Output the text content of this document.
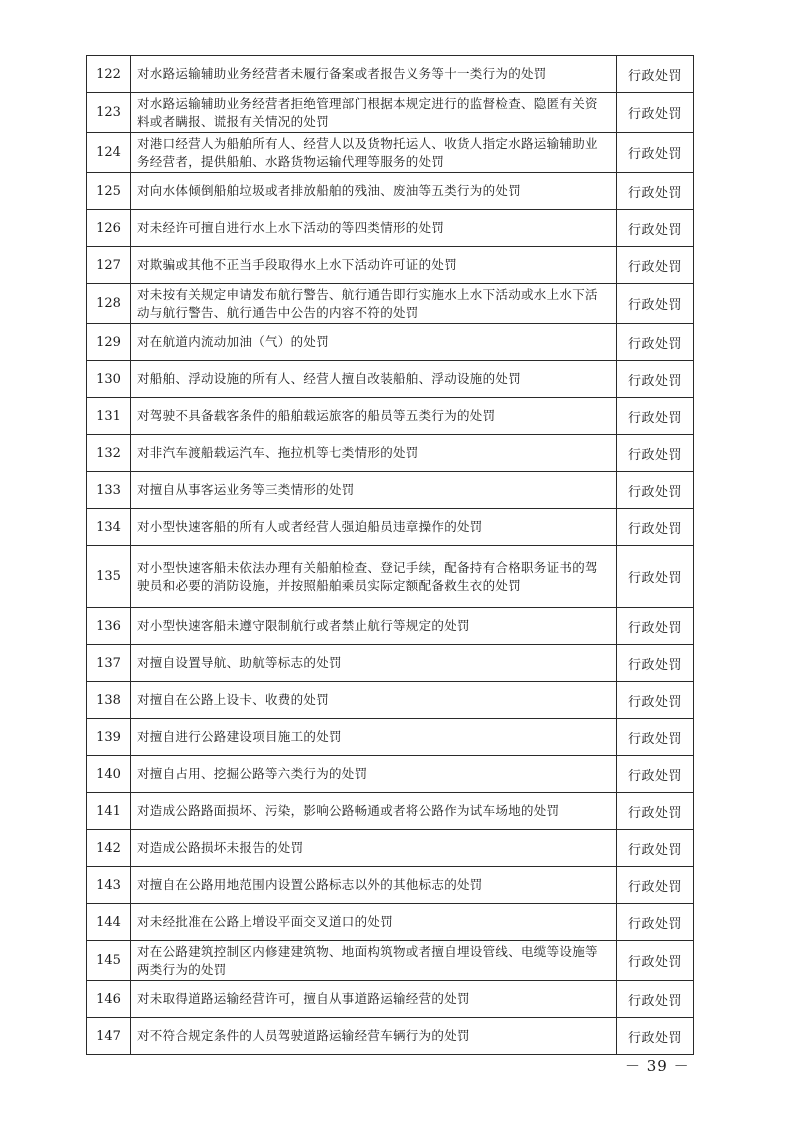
122	对水路运输辅助业务经营者未履行备案或者报告义务等十一类行为的处罚	行政处罚
123	对水路运输辅助业务经营者拒绝管理部门根据本规定进行的监督检查、隐匿有关资料或者瞒报、谎报有关情况的处罚	行政处罚
124	对港口经营人为船舶所有人、经营人以及货物托运人、收货人指定水路运输辅助业务经营者，提供船舶、水路货物运输代理等服务的处罚	行政处罚
125	对向水体倾倒船舶垃圾或者排放船舶的残油、废油等五类行为的处罚	行政处罚
126	对未经许可擅自进行水上水下活动的等四类情形的处罚	行政处罚
127	对欺骗或其他不正当手段取得水上水下活动许可证的处罚	行政处罚
128	对未按有关规定申请发布航行警告、航行通告即行实施水上水下活动或水上水下活动与航行警告、航行通告中公告的内容不符的处罚	行政处罚
129	对在航道内流动加油（气）的处罚	行政处罚
130	对船舶、浮动设施的所有人、经营人擅自改装船舶、浮动设施的处罚	行政处罚
131	对驾驶不具备载客条件的船舶载运旅客的船员等五类行为的处罚	行政处罚
132	对非汽车渡船载运汽车、拖拉机等七类情形的处罚	行政处罚
133	对擅自从事客运业务等三类情形的处罚	行政处罚
134	对小型快速客船的所有人或者经营人强迫船员违章操作的处罚	行政处罚
135	对小型快速客船未依法办理有关船舶检查、登记手续，配备持有合格职务证书的驾驶员和必要的消防设施，并按照船舶乘员实际定额配备救生衣的处罚	行政处罚
136	对小型快速客船未遵守限制航行或者禁止航行等规定的处罚	行政处罚
137	对擅自设置导航、助航等标志的处罚	行政处罚
138	对擅自在公路上设卡、收费的处罚	行政处罚
139	对擅自进行公路建设项目施工的处罚	行政处罚
140	对擅自占用、挖掘公路等六类行为的处罚	行政处罚
141	对造成公路路面损坏、污染，影响公路畅通或者将公路作为试车场地的处罚	行政处罚
142	对造成公路损坏未报告的处罚	行政处罚
143	对擅自在公路用地范围内设置公路标志以外的其他标志的处罚	行政处罚
144	对未经批准在公路上增设平面交叉道口的处罚	行政处罚
145	对在公路建筑控制区内修建建筑物、地面构筑物或者擅自埋设管线、电缆等设施等两类行为的处罚	行政处罚
146	对未取得道路运输经营许可，擅自从事道路运输经营的处罚	行政处罚
147	对不符合规定条件的人员驾驶道路运输经营车辆行为的处罚	行政处罚
－ 39 －
